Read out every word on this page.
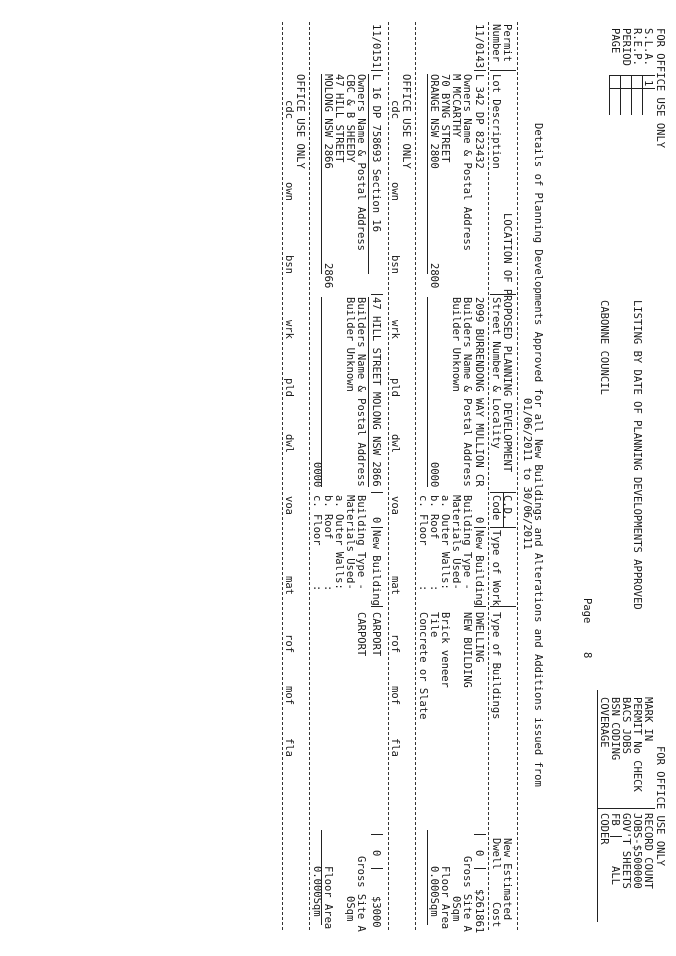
FOR OFFICE USE ONLY
S.L.A.
1
R.E.P.
PERIOD
PAGE
LISTING BY DATE OF PLANNING DEVELOPMENTS APPROVED
CABONNE COUNCIL
Page
8
Details of Planning Developments Approved for all New Buildings and Alterations and Additions issued from
01/06/2011 to 30/06/2011
FOR OFFICE USE ONLY
MARK IN
PERMIT No CHECK
BACS JOBS
BSN CODING
COVERAGE
RECORD COUNT
JOBS-$500000
GOV'T SHEETS
FB
ALL
CODER
Permit
Number
Lot Description
LOCATION OF PROPOSED PLANNING DEVELOPMENT
Street Number & Locality
C.D.
Code
Type of Work
Type of Buildings
New Estimated
Dwell
Cost
11/0143
L 342 DP 823432
2099 BURRENDONG WAY MULLION CR
0
New Building
DWELLING
0
$261861
Owners Name & Postal Address
Builders Name & Postal Address
Building Type -
NEW BUILDING
Gross Site A
M MCCARTHY
Builder Unknown
Materials Used-
0Sqm
70 BYNG STREET
a. Outer Walls:
Brick veneer
Floor Area
ORANGE NSW 2800
2800
0000
b. Roof
:
Tile
0.000Sqm
c. Floor
:
Concrete or Slate
OFFICE USE ONLY
cdc
own
bsn
wrk
pld
dwl
voa
mat
rof
mof
fla
11/0151
L 16 DP 758693 Section 16
47 HILL STREET MOLONG NSW 2866
0
New Building
CARPORT
0
$3000
Owners Name & Postal Address
Builders Name & Postal Address
Building Type -
CARPORT
Gross Site A
CBC & B SHEEDY
Builder Unknown
Materials Used-
0Sqm
47 HILL STREET
a. Outer Walls:
MOLONG NSW 2866
2866
b. Roof
:
Floor Area
0000
c. Floor
:
0.000Sqm
OFFICE USE ONLY
cdc
own
bsn
wrk
pld
dwl
voa
mat
rof
mof
fla
